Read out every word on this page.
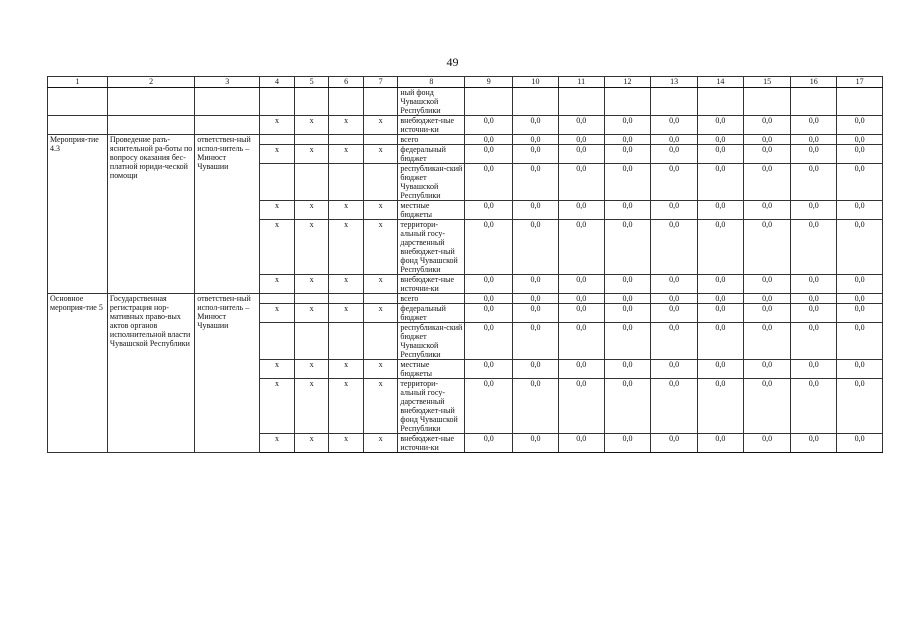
49
1	2	3	4	5	6	7	8	9	10	11	12	13	14	15	16	17
							ный фонд Чувашской Республики									
			x	x	x	x	внебюджет-ные источни-ки	0,0	0,0	0,0	0,0	0,0	0,0	0,0	0,0	0,0
Мероприя-тие 4.3	Проведение разъ-яснительной ра-боты по вопросу оказания бес-платной юриди-ческой помощи	ответствен-ный испол-нитель – Минюст Чувашии					всего	0,0	0,0	0,0	0,0	0,0	0,0	0,0	0,0	0,0
			x	x	x	x	федеральный бюджет	0,0	0,0	0,0	0,0	0,0	0,0	0,0	0,0	0,0
							республикан-ский бюджет Чувашской Республики	0,0	0,0	0,0	0,0	0,0	0,0	0,0	0,0	0,0
			x	x	x	x	местные бюджеты	0,0	0,0	0,0	0,0	0,0	0,0	0,0	0,0	0,0
			x	x	x	x	территори-альный госу-дарственный внебюджет-ный фонд Чувашской Республики	0,0	0,0	0,0	0,0	0,0	0,0	0,0	0,0	0,0
			x	x	x	x	внебюджет-ные источни-ки	0,0	0,0	0,0	0,0	0,0	0,0	0,0	0,0	0,0
Основное мероприя-тие 5	Государственная регистрация нор-мативных право-вых актов органов исполнительной власти Чувашской Республики	ответствен-ный испол-нитель – Минюст Чувашии					всего	0,0	0,0	0,0	0,0	0,0	0,0	0,0	0,0	0,0
			x	x	x	x	федеральный бюджет	0,0	0,0	0,0	0,0	0,0	0,0	0,0	0,0	0,0
							республикан-ский бюджет Чувашской Республики	0,0	0,0	0,0	0,0	0,0	0,0	0,0	0,0	0,0
			x	x	x	x	местные бюджеты	0,0	0,0	0,0	0,0	0,0	0,0	0,0	0,0	0,0
			x	x	x	x	территори-альный госу-дарственный внебюджет-ный фонд Чувашской Республики	0,0	0,0	0,0	0,0	0,0	0,0	0,0	0,0	0,0
			x	x	x	x	внебюджет-ные источни-ки	0,0	0,0	0,0	0,0	0,0	0,0	0,0	0,0	0,0
